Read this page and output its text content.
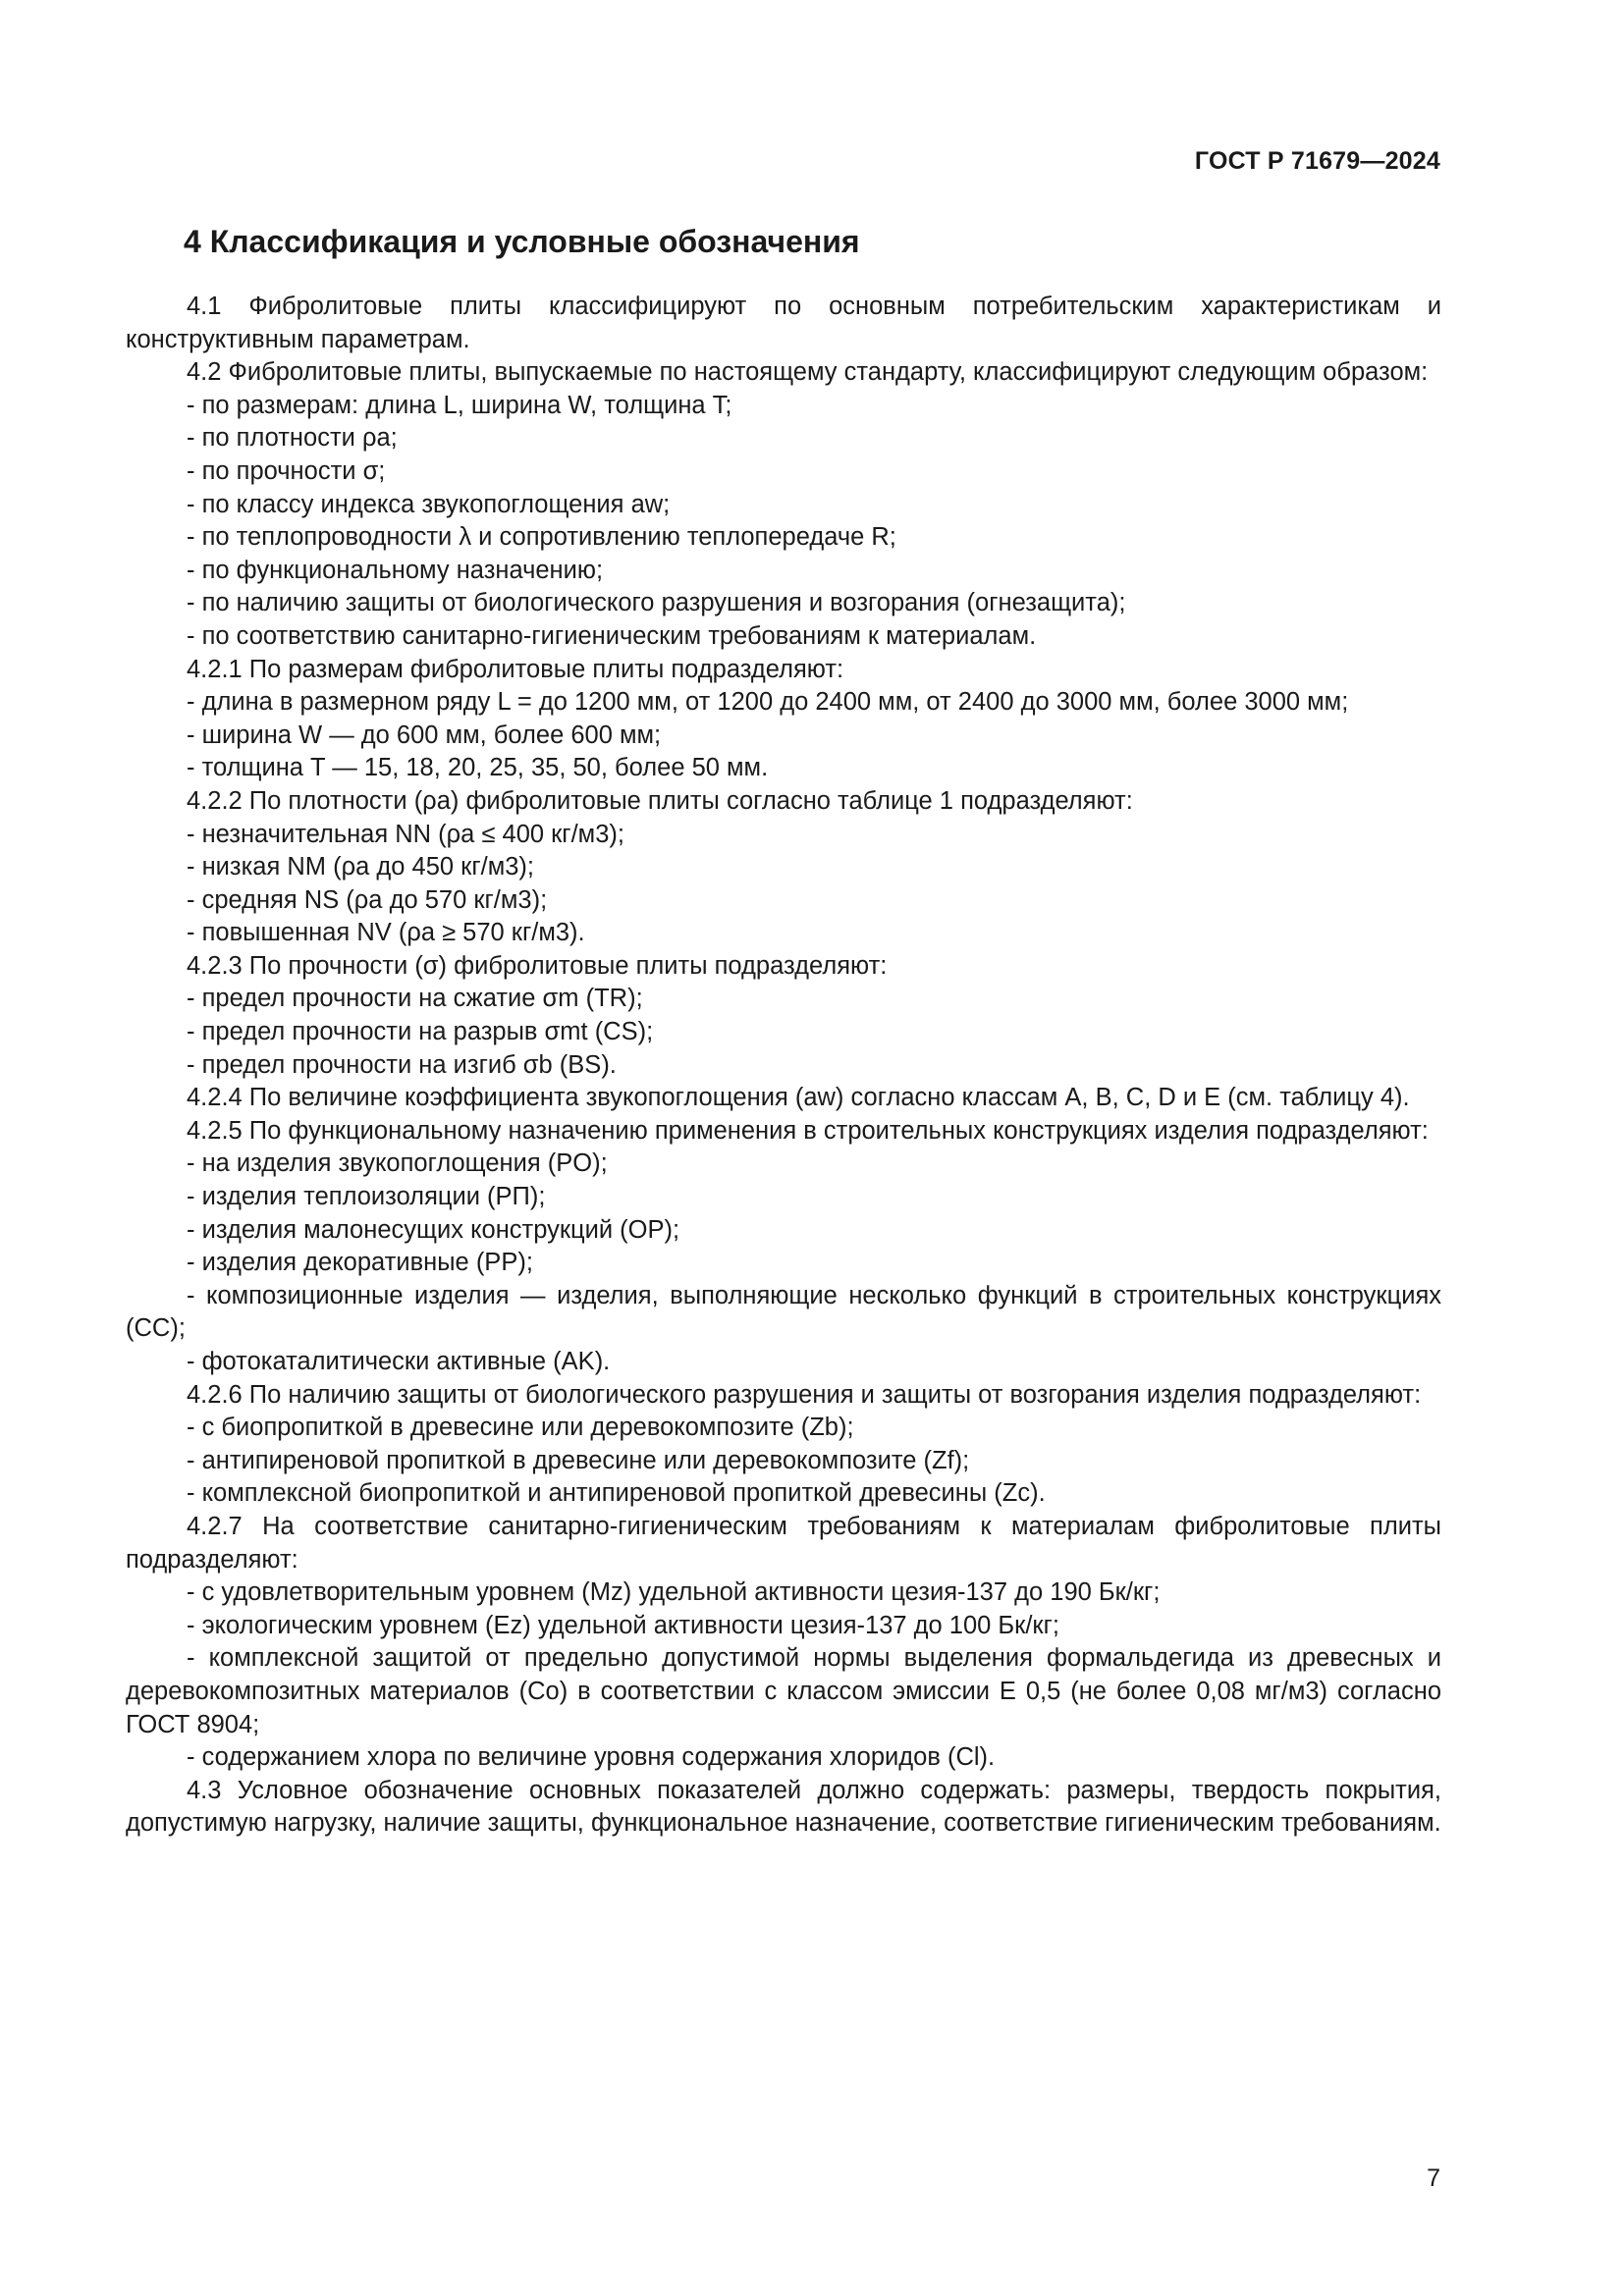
ГОСТ Р 71679—2024
4 Классификация и условные обозначения

4.1 Фибролитовые плиты классифицируют по основным потребительским характеристикам и конструктивным параметрам.

4.2 Фибролитовые плиты, выпускаемые по настоящему стандарту, классифицируют следующим образом:

- по размерам: длина L, ширина W, толщина T;

- по плотности ρa;

- по прочности σ;

- по классу индекса звукопоглощения aw;

- по теплопроводности λ и сопротивлению теплопередаче R;

- по функциональному назначению;

- по наличию защиты от биологического разрушения и возгорания (огнезащита);

- по соответствию санитарно-гигиеническим требованиям к материалам.

4.2.1 По размерам фибролитовые плиты подразделяют:

- длина в размерном ряду L = до 1200 мм, от 1200 до 2400 мм, от 2400 до 3000 мм, более 3000 мм;

- ширина W — до 600 мм, более 600 мм;

- толщина T — 15, 18, 20, 25, 35, 50, более 50 мм.

4.2.2 По плотности (ρa) фибролитовые плиты согласно таблице 1 подразделяют:

- незначительная NN (ρa ≤ 400 кг/м3);

- низкая NM (ρa до 450 кг/м3);

- средняя NS (ρa до 570 кг/м3);

- повышенная NV (ρa ≥ 570 кг/м3).

4.2.3 По прочности (σ) фибролитовые плиты подразделяют:

- предел прочности на сжатие σm (TR);

- предел прочности на разрыв σmt (CS);

- предел прочности на изгиб σb (BS).

4.2.4 По величине коэффициента звукопоглощения (aw) согласно классам A, B, C, D и E (см. таблицу 4).

4.2.5 По функциональному назначению применения в строительных конструкциях изделия подразделяют:

- на изделия звукопоглощения (PO);

- изделия теплоизоляции (РП);

- изделия малонесущих конструкций (OP);

- изделия декоративные (PP);

- композиционные изделия — изделия, выполняющие несколько функций в строительных конструкциях (CC);

- фотокаталитически активные (AK).

4.2.6 По наличию защиты от биологического разрушения и защиты от возгорания изделия подразделяют:

- с биопропиткой в древесине или деревокомпозите (Zb);

- антипиреновой пропиткой в древесине или деревокомпозите (Zf);

- комплексной биопропиткой и антипиреновой пропиткой древесины (Zc).

4.2.7 На соответствие санитарно-гигиеническим требованиям к материалам фибролитовые плиты подразделяют:

- с удовлетворительным уровнем (Mz) удельной активности цезия-137 до 190 Бк/кг;

- экологическим уровнем (Ez) удельной активности цезия-137 до 100 Бк/кг;

- комплексной защитой от предельно допустимой нормы выделения формальдегида из древесных и деревокомпозитных материалов (Co) в соответствии с классом эмиссии E 0,5 (не более 0,08 мг/м3) согласно ГОСТ 8904;

- содержанием хлора по величине уровня содержания хлоридов (Cl).

4.3 Условное обозначение основных показателей должно содержать: размеры, твердость покрытия, допустимую нагрузку, наличие защиты, функциональное назначение, соответствие гигиеническим требованиям.

7
